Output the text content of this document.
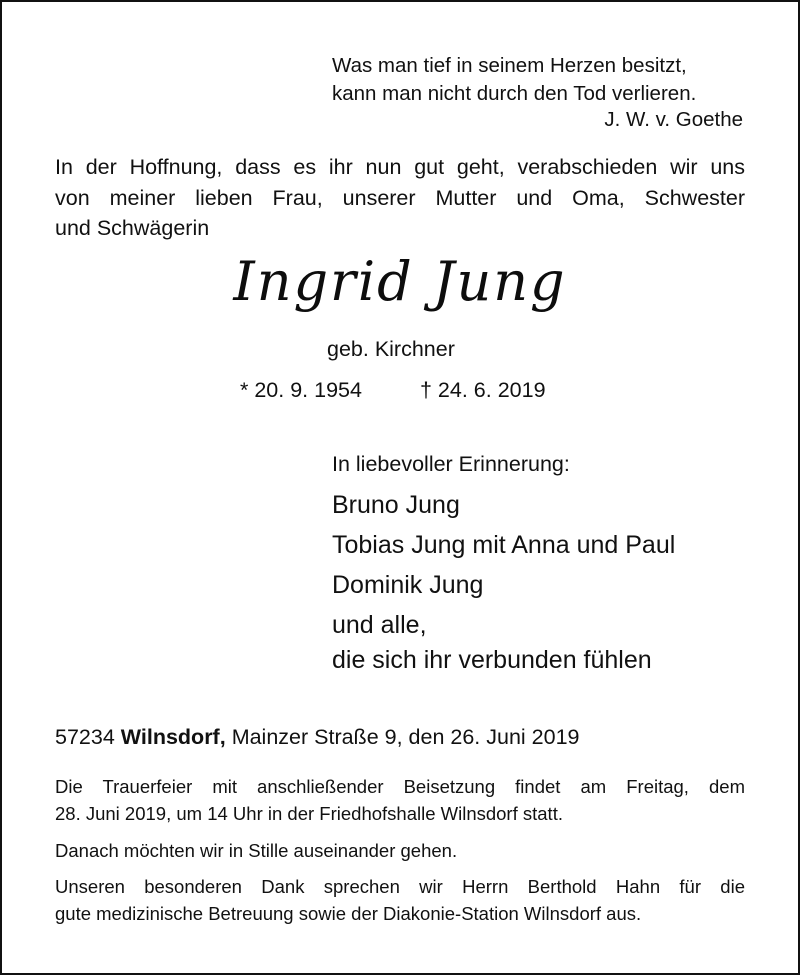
Was man tief in seinem Herzen besitzt,
kann man nicht durch den Tod verlieren.
J. W. v. Goethe
In der Hoffnung, dass es ihr nun gut geht, verabschieden wir uns
von meiner lieben Frau, unserer Mutter und Oma, Schwester
und Schwägerin
Ingrid Jung
geb. Kirchner
* 20. 9. 1954	† 24. 6. 2019
In liebevoller Erinnerung:
Bruno Jung
Tobias Jung mit Anna und Paul
Dominik Jung
und alle,
die sich ihr verbunden fühlen
57234 Wilnsdorf, Mainzer Straße 9, den 26. Juni 2019
Die Trauerfeier mit anschließender Beisetzung findet am Freitag, dem
28. Juni 2019, um 14 Uhr in der Friedhofshalle Wilnsdorf statt.
Danach möchten wir in Stille auseinander gehen.
Unseren besonderen Dank sprechen wir Herrn Berthold Hahn für die
gute medizinische Betreuung sowie der Diakonie-Station Wilnsdorf aus.
